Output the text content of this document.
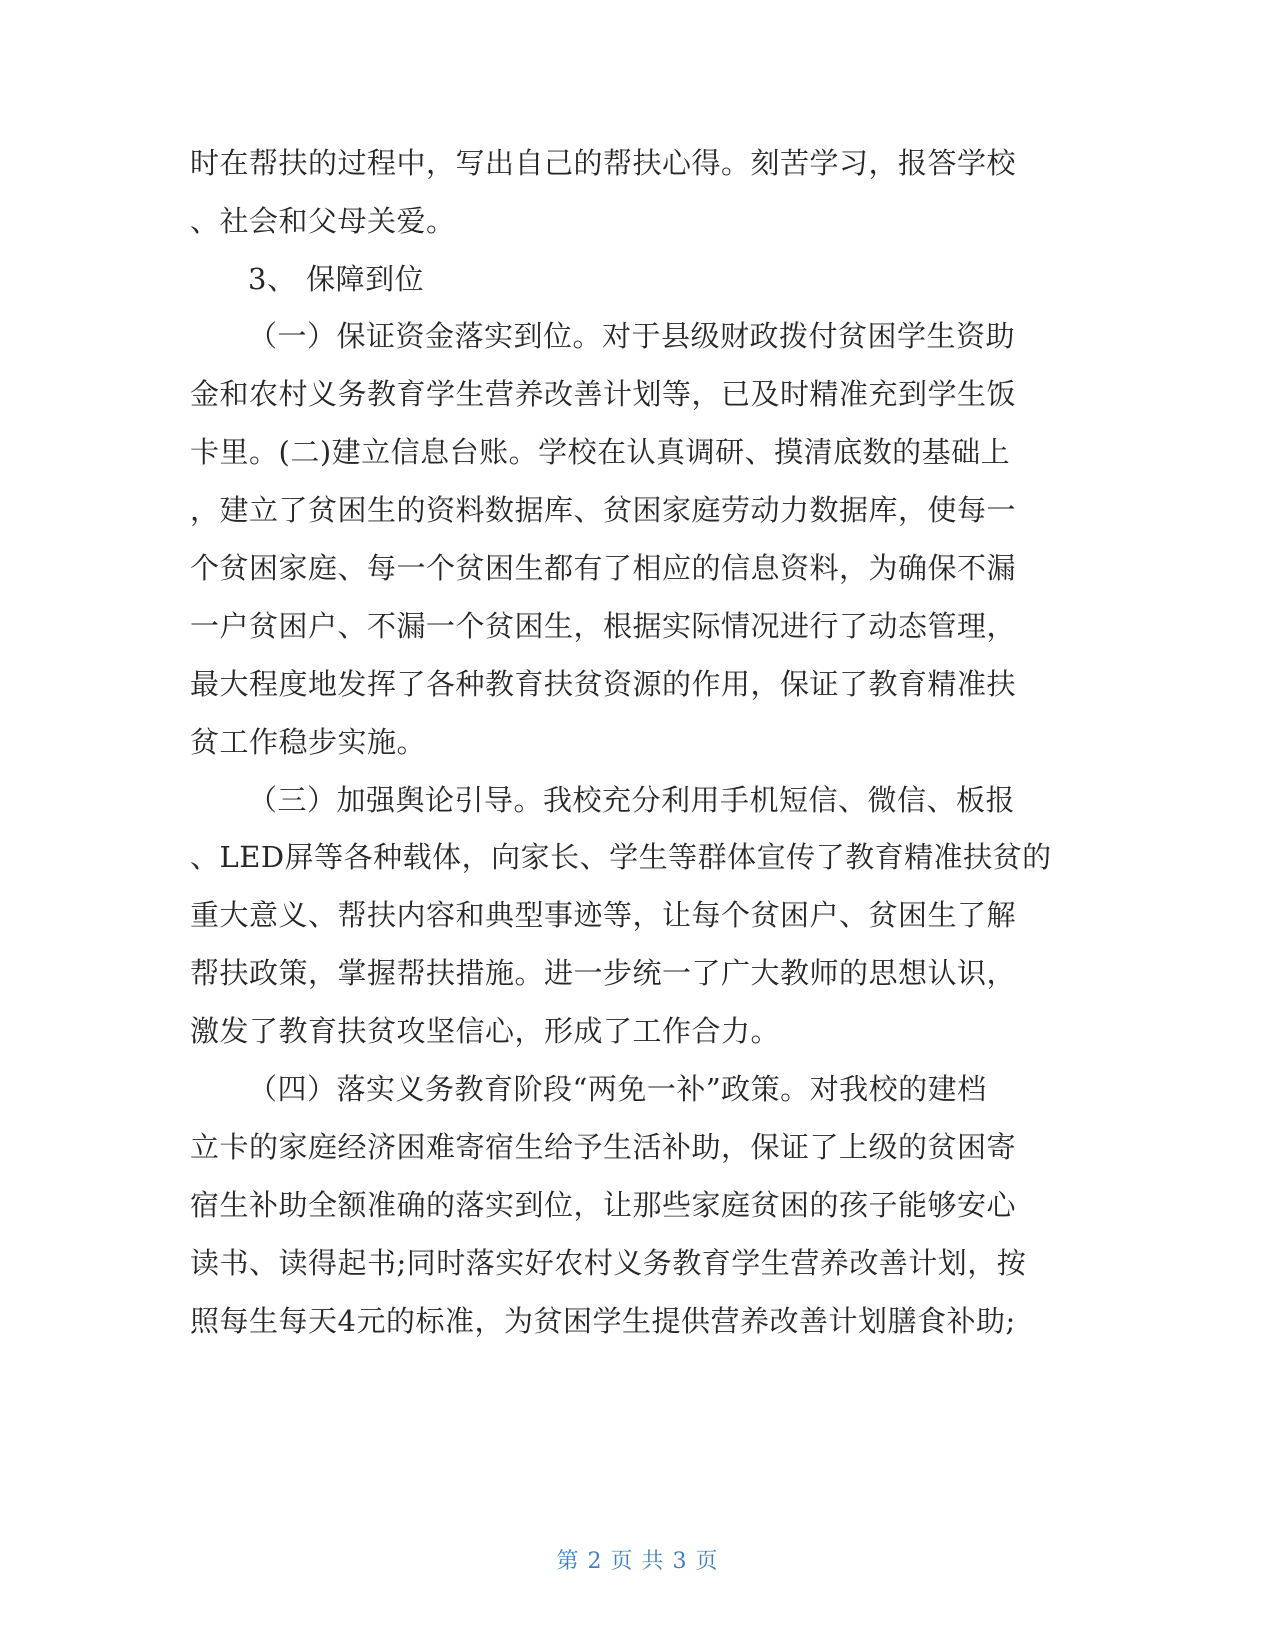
时在帮扶的过程中，写出自己的帮扶心得。刻苦学习，报答学校
、社会和父母关爱。
3、 保障到位
（一）保证资金落实到位。对于县级财政拨付贫困学生资助
金和农村义务教育学生营养改善计划等，已及时精准充到学生饭
卡里。(二)建立信息台账。学校在认真调研、摸清底数的基础上
，建立了贫困生的资料数据库、贫困家庭劳动力数据库，使每一
个贫困家庭、每一个贫困生都有了相应的信息资料，为确保不漏
一户贫困户、不漏一个贫困生，根据实际情况进行了动态管理，
最大程度地发挥了各种教育扶贫资源的作用，保证了教育精准扶
贫工作稳步实施。
（三）加强舆论引导。我校充分利用手机短信、微信、板报
、LED屏等各种载体，向家长、学生等群体宣传了教育精准扶贫的
重大意义、帮扶内容和典型事迹等，让每个贫困户、贫困生了解
帮扶政策，掌握帮扶措施。进一步统一了广大教师的思想认识，
激发了教育扶贫攻坚信心，形成了工作合力。
（四）落实义务教育阶段“两免一补”政策。对我校的建档
立卡的家庭经济困难寄宿生给予生活补助，保证了上级的贫困寄
宿生补助全额准确的落实到位，让那些家庭贫困的孩子能够安心
读书、读得起书;同时落实好农村义务教育学生营养改善计划，按
照每生每天4元的标准，为贫困学生提供营养改善计划膳食补助;
第 2 页 共 3 页
